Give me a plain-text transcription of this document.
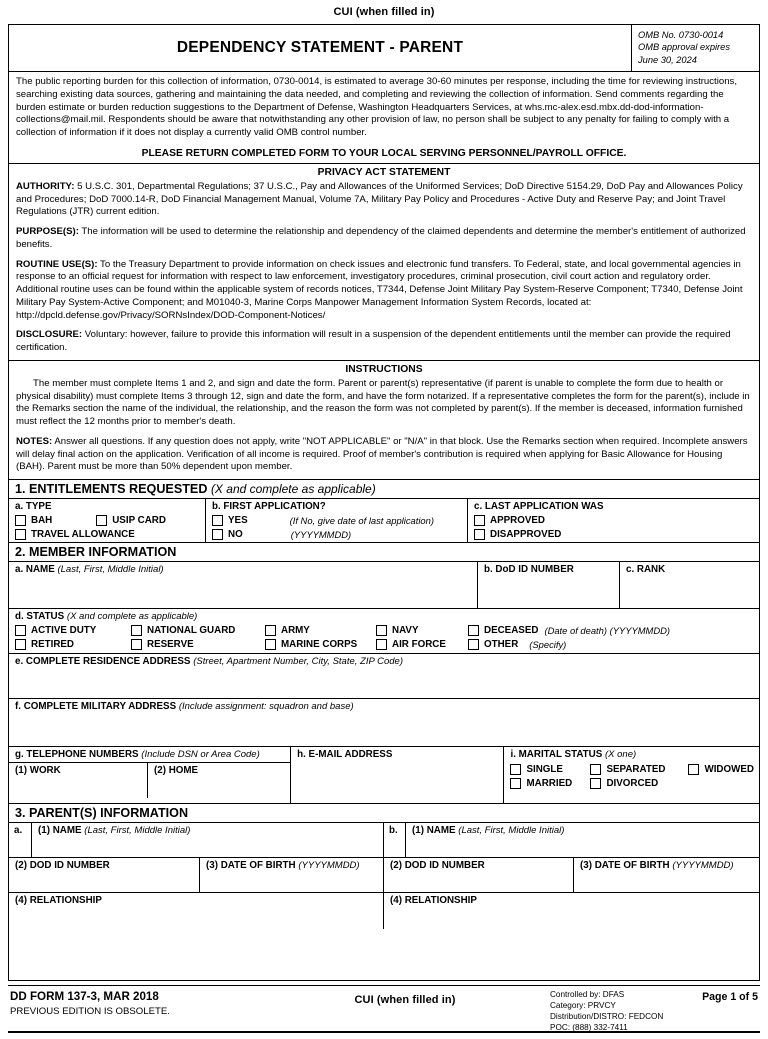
CUI (when filled in)
DEPENDENCY STATEMENT - PARENT
OMB No. 0730-0014
OMB approval expires
June 30, 2024

The public reporting burden for this collection of information, 0730-0014, is estimated to average 30-60 minutes per response, including the time for reviewing instructions, searching existing data sources, gathering and maintaining the data needed, and completing and reviewing the collection of information. Send comments regarding the burden estimate or burden reduction suggestions to the Department of Defense, Washington Headquarters Services, at whs.mc-alex.esd.mbx.dd-dod-information-collections@mail.mil. Respondents should be aware that notwithstanding any other provision of law, no person shall be subject to any penalty for failing to comply with a collection of information if it does not display a currently valid OMB control number.

PLEASE RETURN COMPLETED FORM TO YOUR LOCAL SERVING PERSONNEL/PAYROLL OFFICE.
PRIVACY ACT STATEMENT

AUTHORITY: 5 U.S.C. 301, Departmental Regulations; 37 U.S.C., Pay and Allowances of the Uniformed Services; DoD Directive 5154.29, DoD Pay and Allowances Policy and Procedures; DoD 7000.14-R, DoD Financial Management Manual, Volume 7A, Military Pay Policy and Procedures - Active Duty and Reserve Pay; and Joint Travel Regulations (JTR) current edition.

PURPOSE(S): The information will be used to determine the relationship and dependency of the claimed dependents and determine the member's entitlement of authorized benefits.

ROUTINE USE(S): To the Treasury Department to provide information on check issues and electronic fund transfers. To Federal, state, and local governmental agencies in response to an official request for information with respect to law enforcement, investigatory procedures, criminal prosecution, civil court action and regulatory order. Additional routine uses can be found within the applicable system of records notices, T7344, Defense Joint Military Pay System-Reserve Component; T7340, Defense Joint Military Pay System-Active Component; and M01040-3, Marine Corps Manpower Management Information System Records, located at: http://dpcld.defense.gov/Privacy/SORNsIndex/DOD-Component-Notices/

DISCLOSURE: Voluntary: however, failure to provide this information will result in a suspension of the dependent entitlements until the member can provide the required certification.

INSTRUCTIONS

The member must complete Items 1 and 2, and sign and date the form. Parent or parent(s) representative (if parent is unable to complete the form due to health or physical disability) must complete Items 3 through 12, sign and date the form, and have the form notarized. If a representative completes the form for the parent(s), include in the Remarks section the name of the individual, the relationship, and the reason the form was not completed by parent(s). If the member is deceased, information furnished must reflect the 12 months prior to member's death.

NOTES: Answer all questions. If any question does not apply, write "NOT APPLICABLE" or "N/A" in that block. Use the Remarks section when required. Incomplete answers will delay final action on the application. Verification of all income is required. Proof of member's contribution is required when applying for Basic Allowance for Housing (BAH). Parent must be more than 50% dependent upon member.

1. ENTITLEMENTS REQUESTED (X and complete as applicable)
a. TYPE
BAH	USIP CARD
TRAVEL ALLOWANCE
b. FIRST APPLICATION?
YES	(If No, give date of last application)
NO	(YYYYMMDD)
c. LAST APPLICATION WAS
APPROVED
DISAPPROVED
2. MEMBER INFORMATION
a. NAME (Last, First, Middle Initial)	b. DoD ID NUMBER	c. RANK
d. STATUS (X and complete as applicable)
ACTIVE DUTY	NATIONAL GUARD	ARMY	NAVY	DECEASED (Date of death) (YYYYMMDD)
RETIRED	RESERVE	MARINE CORPS	AIR FORCE	OTHER (Specify)
e. COMPLETE RESIDENCE ADDRESS (Street, Apartment Number, City, State, ZIP Code)
f. COMPLETE MILITARY ADDRESS (Include assignment: squadron and base)
g. TELEPHONE NUMBERS (Include DSN or Area Code)
(1) WORK	(2) HOME
h. E-MAIL ADDRESS	i. MARITAL STATUS (X one)
SINGLE	SEPARATED	WIDOWED
MARRIED	DIVORCED
3. PARENT(S) INFORMATION
a.	(1) NAME (Last, First, Middle Initial)	b. (1) NAME (Last, First, Middle Initial)
(2) DOD ID NUMBER	(3) DATE OF BIRTH (YYYYMMDD)	(2) DOD ID NUMBER	(3) DATE OF BIRTH (YYYYMMDD)
(4) RELATIONSHIP	(4) RELATIONSHIP
DD FORM 137-3, MAR 2018
PREVIOUS EDITION IS OBSOLETE.
CUI (when filled in)	Controlled by: DFAS
Category: PRVCY
Distribution/DISTRO: FEDCON
POC: (888) 332-7411
Page 1 of 5
